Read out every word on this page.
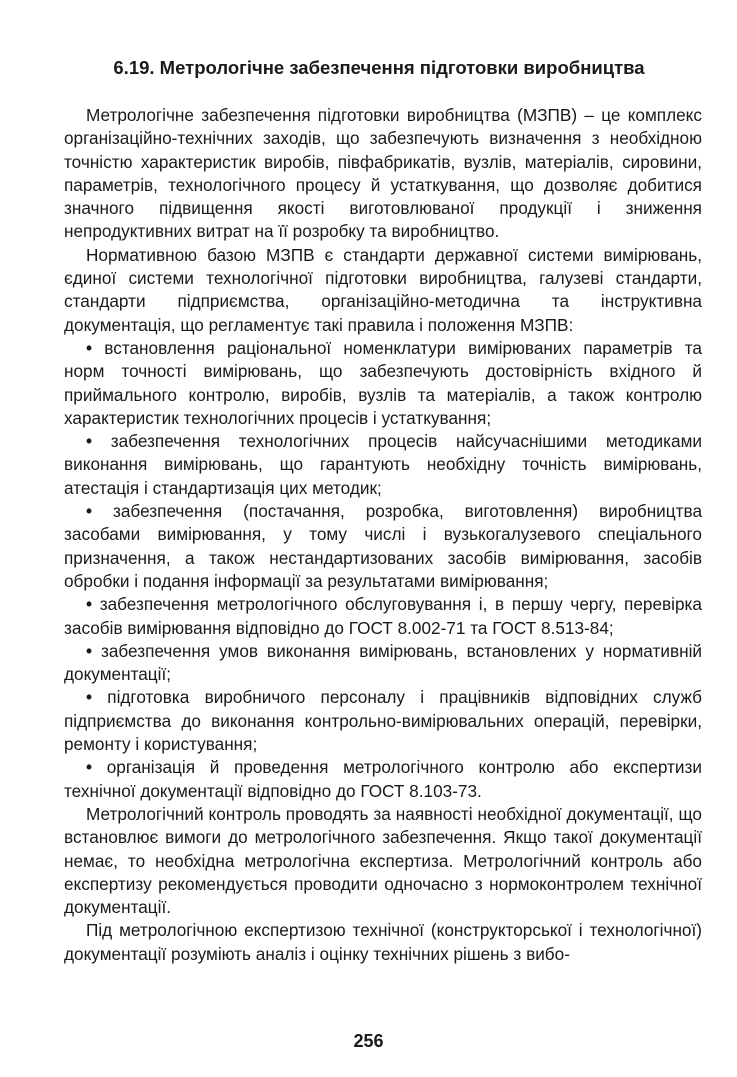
6.19. Метрологічне забезпечення підготовки виробництва

Метрологічне забезпечення підготовки виробництва (МЗПВ) – це комплекс організаційно-технічних заходів, що забезпечують визначення з необхідною точністю характеристик виробів, півфабрикатів, вузлів, матеріалів, сировини, параметрів, технологічного процесу й устаткування, що дозволяє добитися значного підвищення якості виготовлюваної продукції і зниження непродуктивних витрат на її розробку та виробництво.

Нормативною базою МЗПВ є стандарти державної системи вимірювань, єдиної системи технологічної підготовки виробництва, галузеві стандарти, стандарти підприємства, організаційно-методична та інструктивна документація, що регламентує такі правила і положення МЗПВ:

• встановлення раціональної номенклатури вимірюваних параметрів та норм точності вимірювань, що забезпечують достовірність вхідного й приймального контролю, виробів, вузлів та матеріалів, а також контролю характеристик технологічних процесів і устаткування;

• забезпечення технологічних процесів найсучаснішими методиками виконання вимірювань, що гарантують необхідну точність вимірювань, атестація і стандартизація цих методик;

• забезпечення (постачання, розробка, виготовлення) виробництва засобами вимірювання, у тому числі і вузькогалузевого спеціального призначення, а також нестандартизованих засобів вимірювання, засобів обробки і подання інформації за результатами вимірювання;

• забезпечення метрологічного обслуговування і, в першу чергу, перевірка засобів вимірювання відповідно до ГОСТ 8.002-71 та ГОСТ 8.513-84;

• забезпечення умов виконання вимірювань, встановлених у нормативній документації;

• підготовка виробничого персоналу і працівників відповідних служб підприємства до виконання контрольно-вимірювальних операцій, перевірки, ремонту і користування;

• організація й проведення метрологічного контролю або експертизи технічної документації відповідно до ГОСТ 8.103-73.

Метрологічний контроль проводять за наявності необхідної документації, що встановлює вимоги до метрологічного забезпечення. Якщо такої документації немає, то необхідна метрологічна експертиза. Метрологічний контроль або експертизу рекомендується проводити одночасно з нормоконтролем технічної документації.

Під метрологічною експертизою технічної (конструкторської і технологічної) документації розуміють аналіз і оцінку технічних рішень з вибо-

256
